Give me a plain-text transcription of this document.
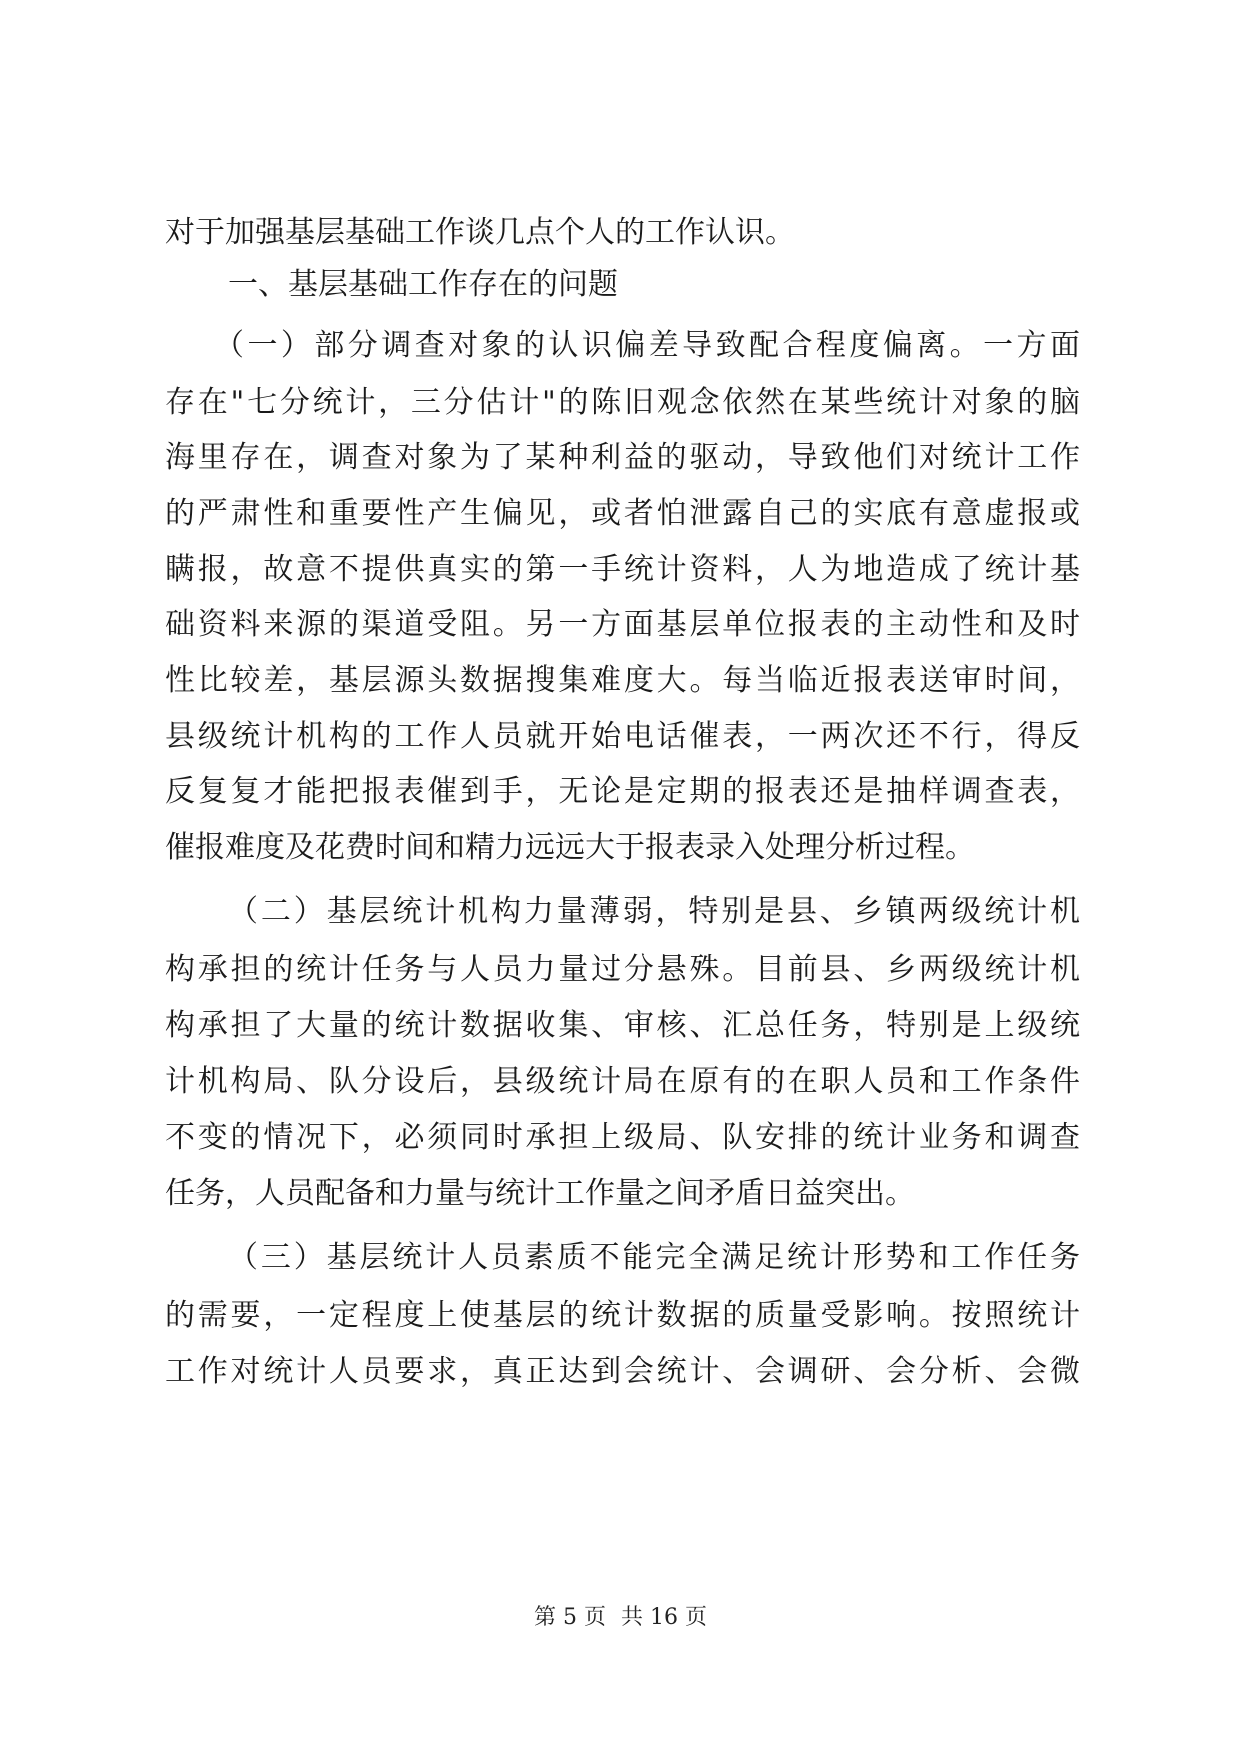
对于加强基层基础工作谈几点个人的工作认识。
一、基层基础工作存在的问题
（一）部分调查对象的认识偏差导致配合程度偏离。一方面
存在"七分统计，三分估计"的陈旧观念依然在某些统计对象的脑
海里存在，调查对象为了某种利益的驱动，导致他们对统计工作
的严肃性和重要性产生偏见，或者怕泄露自己的实底有意虚报或
瞒报，故意不提供真实的第一手统计资料，人为地造成了统计基
础资料来源的渠道受阻。另一方面基层单位报表的主动性和及时
性比较差，基层源头数据搜集难度大。每当临近报表送审时间，
县级统计机构的工作人员就开始电话催表，一两次还不行，得反
反复复才能把报表催到手，无论是定期的报表还是抽样调查表，
催报难度及花费时间和精力远远大于报表录入处理分析过程。
（二）基层统计机构力量薄弱，特别是县、乡镇两级统计机
构承担的统计任务与人员力量过分悬殊。目前县、乡两级统计机
构承担了大量的统计数据收集、审核、汇总任务，特别是上级统
计机构局、队分设后，县级统计局在原有的在职人员和工作条件
不变的情况下，必须同时承担上级局、队安排的统计业务和调查
任务，人员配备和力量与统计工作量之间矛盾日益突出。
（三）基层统计人员素质不能完全满足统计形势和工作任务
的需要，一定程度上使基层的统计数据的质量受影响。按照统计
工作对统计人员要求，真正达到会统计、会调研、会分析、会微
第 5 页 共 16 页
